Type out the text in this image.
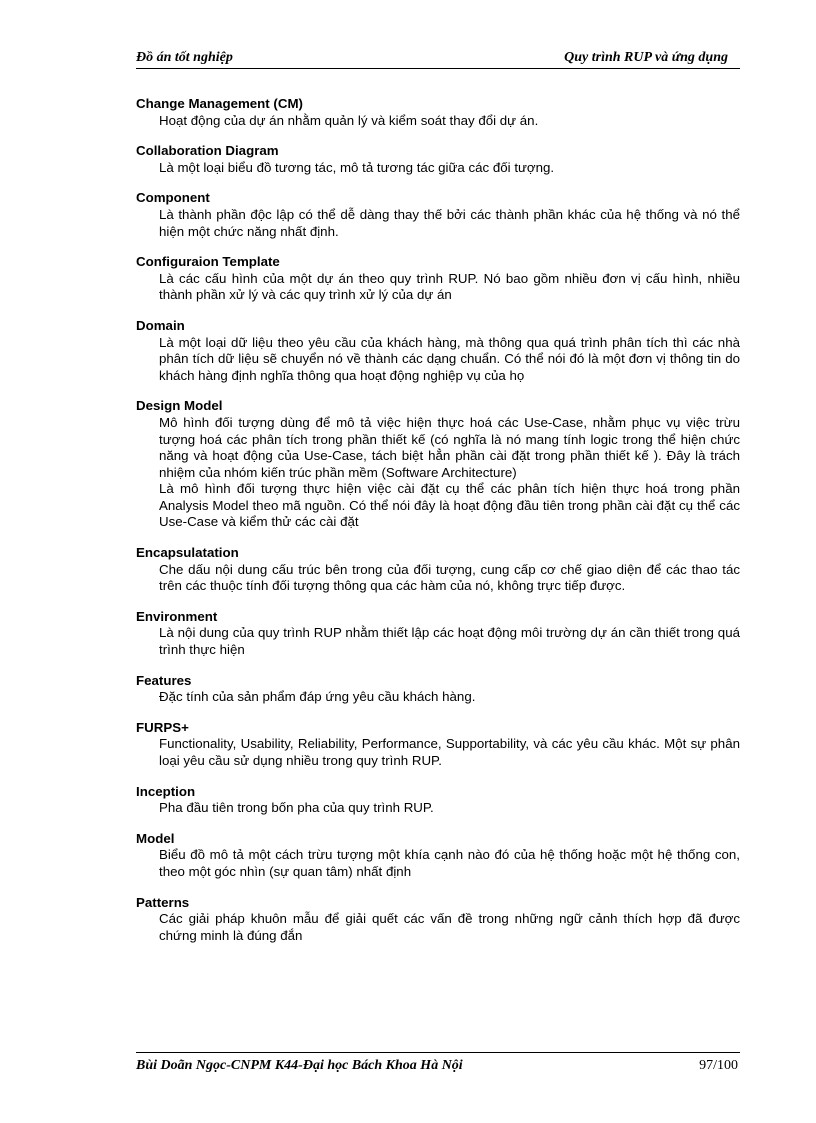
Đồ án tốt nghiệp	Quy trình RUP và ứng dụng
Change Management (CM)
Hoạt động của dự án nhằm quản lý và kiểm soát thay đổi dự án.
Collaboration Diagram
Là một loại biểu đồ tương tác, mô tả tương tác giữa các đối tượng.
Component
Là thành phần độc lập có thể dễ dàng thay thế bởi các thành phần khác của hệ thống và nó thể hiện một chức năng nhất định.
Configuraion Template
Là các cấu hình của một dự án theo quy trình RUP. Nó bao gồm nhiều đơn vị cấu hình, nhiều thành phần xử lý và các quy trình xử lý của dự án
Domain
Là một loại dữ liệu theo yêu cầu của khách hàng, mà thông qua quá trình phân tích thì các nhà phân tích dữ liệu sẽ chuyển nó về thành các dạng chuẩn. Có thể nói đó là một đơn vị thông tin do khách hàng định nghĩa thông qua hoạt động nghiệp vụ của họ
Design Model
Mô hình đối tượng dùng để mô tả việc hiện thực hoá các Use-Case, nhằm phục vụ việc trừu tượng hoá các phân tích trong phần thiết kế (có nghĩa là nó mang tính logic trong thể hiện chức năng và hoạt động của Use-Case, tách biệt hẳn phần cài đặt trong phần thiết kế ). Đây là trách nhiệm của nhóm kiến trúc phần mềm (Software Architecture)
Là mô hình đối tượng thực hiện việc cài đặt cụ thể các phân tích hiện thực hoá trong phần Analysis Model theo mã nguồn. Có thể nói đây là hoạt động đầu tiên trong phần cài đặt cụ thể các Use-Case và kiểm thử các cài đặt
Encapsulatation
Che dấu nội dung cấu trúc bên trong của đối tượng, cung cấp cơ chế giao diện để các thao tác trên các thuộc tính đối tượng thông qua các hàm của nó, không trực tiếp được.
Environment
Là nội dung của quy trình RUP nhằm thiết lập các hoạt động môi trường dự án cần thiết trong quá trình thực hiện
Features
Đặc tính của sản phẩm đáp ứng yêu cầu khách hàng.
FURPS+
Functionality, Usability, Reliability, Performance, Supportability, và các yêu cầu khác. Một sự phân loại yêu cầu sử dụng nhiều trong quy trình RUP.
Inception
Pha đầu tiên trong bốn pha của quy trình RUP.
Model
Biểu đồ mô tả một cách trừu tượng một khía cạnh nào đó của hệ thống hoặc một hệ thống con, theo một góc nhìn (sự quan tâm) nhất định
Patterns
Các giải pháp khuôn mẫu để giải quết các vấn đề trong những ngữ cảnh thích hợp đã được chứng minh là đúng đắn
Bùi Doãn Ngọc-CNPM K44-Đại học Bách Khoa Hà Nội	97/100
